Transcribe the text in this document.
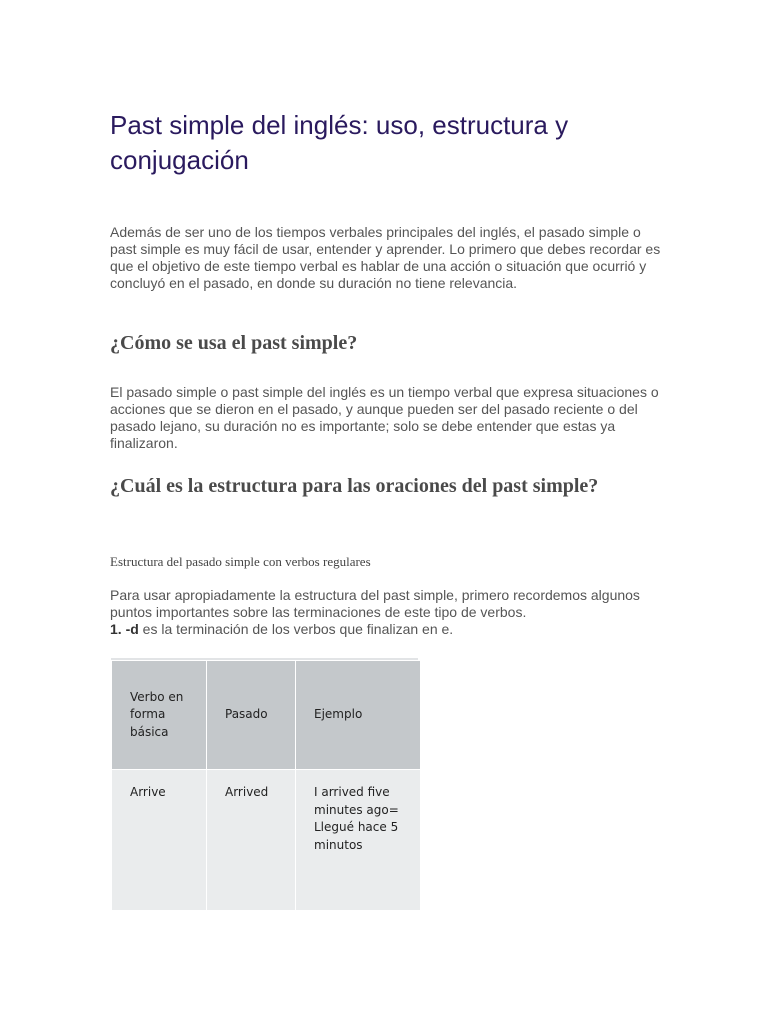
Past simple del inglés: uso, estructura y conjugación

Además de ser uno de los tiempos verbales principales del inglés, el pasado simple o past simple es muy fácil de usar, entender y aprender. Lo primero que debes recordar es que el objetivo de este tiempo verbal es hablar de una acción o situación que ocurrió y concluyó en el pasado, en donde su duración no tiene relevancia.

¿Cómo se usa el past simple?

El pasado simple o past simple del inglés es un tiempo verbal que expresa situaciones o acciones que se dieron en el pasado, y aunque pueden ser del pasado reciente o del pasado lejano, su duración no es importante; solo se debe entender que estas ya finalizaron.

¿Cuál es la estructura para las oraciones del past simple?

Estructura del pasado simple con verbos regulares

Para usar apropiadamente la estructura del past simple, primero recordemos algunos puntos importantes sobre las terminaciones de este tipo de verbos.
1. -d es la terminación de los verbos que finalizan en e.

Verbo en forma básica	Pasado	Ejemplo
Arrive	Arrived	I arrived five minutes ago= Llegué hace 5 minutos
